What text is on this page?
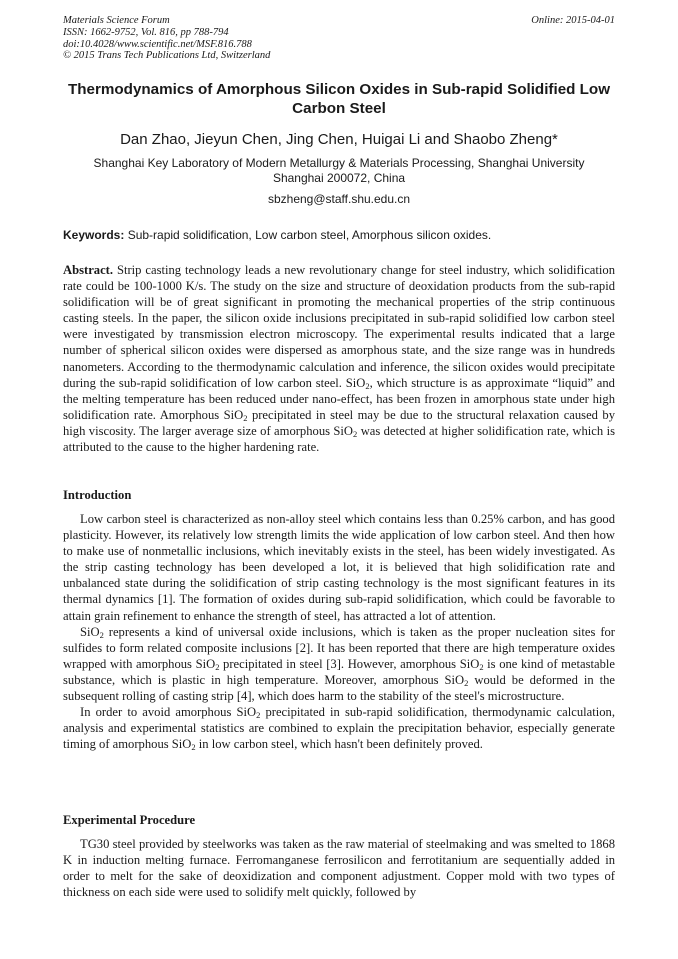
Materials Science Forum
ISSN: 1662-9752, Vol. 816, pp 788-794
doi:10.4028/www.scientific.net/MSF.816.788
© 2015 Trans Tech Publications Ltd, Switzerland
Online: 2015-04-01
Thermodynamics of Amorphous Silicon Oxides in Sub-rapid Solidified Low Carbon Steel
Dan Zhao, Jieyun Chen, Jing Chen, Huigai Li and Shaobo Zheng*
Shanghai Key Laboratory of Modern Metallurgy & Materials Processing, Shanghai University
Shanghai 200072, China
sbzheng@staff.shu.edu.cn
Keywords: Sub-rapid solidification, Low carbon steel, Amorphous silicon oxides.

Abstract. Strip casting technology leads a new revolutionary change for steel industry, which solidification rate could be 100-1000 K/s. The study on the size and structure of deoxidation products from the sub-rapid solidification will be of great significant in promoting the mechanical properties of the strip continuous casting steels. In the paper, the silicon oxide inclusions precipitated in sub-rapid solidified low carbon steel were investigated by transmission electron microscopy. The experimental results indicated that a large number of spherical silicon oxides were dispersed as amorphous state, and the size range was in hundreds nanometers. According to the thermodynamic calculation and inference, the silicon oxides would precipitate during the sub-rapid solidification of low carbon steel. SiO$_2$, which structure is as approximate “liquid” and the melting temperature has been reduced under nano-effect, has been frozen in amorphous state under high solidification rate. Amorphous SiO$_2$ precipitated in steel may be due to the structural relaxation caused by high viscosity. The larger average size of amorphous SiO$_2$ was detected at higher solidification rate, which is attributed to the cause to the higher hardening rate.

Introduction

Low carbon steel is characterized as non-alloy steel which contains less than 0.25% carbon, and has good plasticity. However, its relatively low strength limits the wide application of low carbon steel. And then how to make use of nonmetallic inclusions, which inevitably exists in the steel, has been widely investigated. As the strip casting technology has been developed a lot, it is believed that high solidification rate and unbalanced state during the solidification of strip casting technology is the most significant features in its thermal dynamics [1]. The formation of oxides during sub-rapid solidification, which could be favorable to attain grain refinement to enhance the strength of steel, has attracted a lot of attention.

SiO$_2$ represents a kind of universal oxide inclusions, which is taken as the proper nucleation sites for sulfides to form related composite inclusions [2]. It has been reported that there are high temperature oxides wrapped with amorphous SiO$_2$ precipitated in steel [3]. However, amorphous SiO$_2$ is one kind of metastable substance, which is plastic in high temperature. Moreover, amorphous SiO$_2$ would be deformed in the subsequent rolling of casting strip [4], which does harm to the stability of the steel's microstructure.

In order to avoid amorphous SiO$_2$ precipitated in sub-rapid solidification, thermodynamic calculation, analysis and experimental statistics are combined to explain the precipitation behavior, especially generate timing of amorphous SiO$_2$ in low carbon steel, which hasn't been definitely proved.

Experimental Procedure

TG30 steel provided by steelworks was taken as the raw material of steelmaking and was smelted to 1868 K in induction melting furnace. Ferromanganese ferrosilicon and ferrotitanium are sequentially added in order to melt for the sake of deoxidization and component adjustment. Copper mold with two types of thickness on each side were used to solidify melt quickly, followed by
